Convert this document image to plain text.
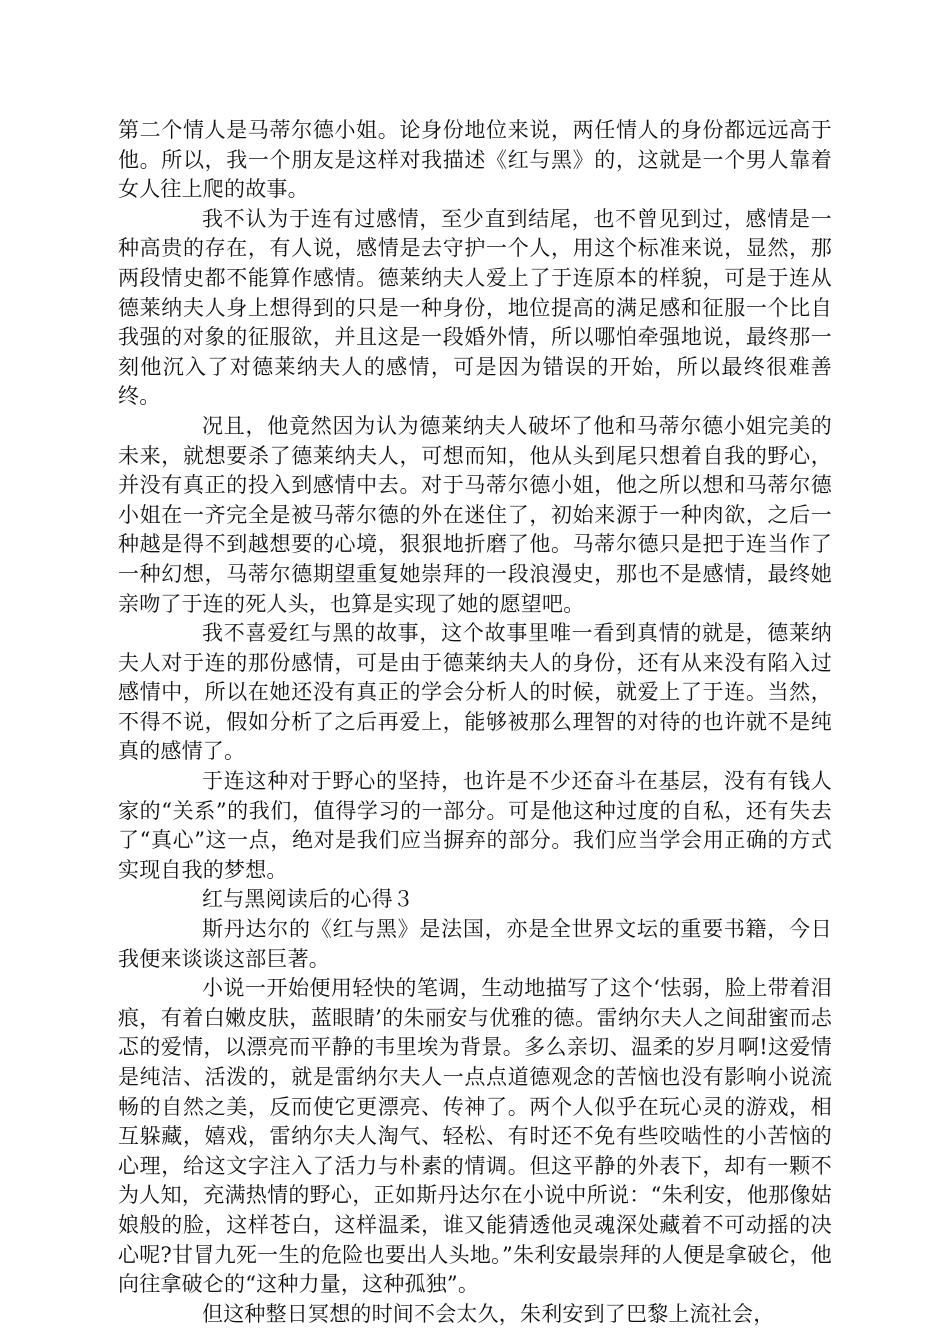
第二个情人是马蒂尔德小姐。论身份地位来说，两任情人的身份都远远高于他。所以，我一个朋友是这样对我描述《红与黑》的，这就是一个男人靠着女人往上爬的故事。

我不认为于连有过感情，至少直到结尾，也不曾见到过，感情是一种高贵的存在，有人说，感情是去守护一个人，用这个标准来说，显然，那两段情史都不能算作感情。德莱纳夫人爱上了于连原本的样貌，可是于连从德莱纳夫人身上想得到的只是一种身份，地位提高的满足感和征服一个比自我强的对象的征服欲，并且这是一段婚外情，所以哪怕牵强地说，最终那一刻他沉入了对德莱纳夫人的感情，可是因为错误的开始，所以最终很难善终。

况且，他竟然因为认为德莱纳夫人破坏了他和马蒂尔德小姐完美的未来，就想要杀了德莱纳夫人，可想而知，他从头到尾只想着自我的野心，并没有真正的投入到感情中去。对于马蒂尔德小姐，他之所以想和马蒂尔德小姐在一齐完全是被马蒂尔德的外在迷住了，初始来源于一种肉欲，之后一种越是得不到越想要的心境，狠狠地折磨了他。马蒂尔德只是把于连当作了一种幻想，马蒂尔德期望重复她崇拜的一段浪漫史，那也不是感情，最终她亲吻了于连的死人头，也算是实现了她的愿望吧。

我不喜爱红与黑的故事，这个故事里唯一看到真情的就是，德莱纳夫人对于连的那份感情，可是由于德莱纳夫人的身份，还有从来没有陷入过感情中，所以在她还没有真正的学会分析人的时候，就爱上了于连。当然，不得不说，假如分析了之后再爱上，能够被那么理智的对待的也许就不是纯真的感情了。

于连这种对于野心的坚持，也许是不少还奋斗在基层，没有有钱人家的“关系”的我们，值得学习的一部分。可是他这种过度的自私，还有失去了“真心”这一点，绝对是我们应当摒弃的部分。我们应当学会用正确的方式实现自我的梦想。

红与黑阅读后的心得３

斯丹达尔的《红与黑》是法国，亦是全世界文坛的重要书籍，今日我便来谈谈这部巨著。

小说一开始便用轻快的笔调，生动地描写了这个‘怯弱，脸上带着泪痕，有着白嫩皮肤，蓝眼睛’的朱丽安与优雅的德。雷纳尔夫人之间甜蜜而忐忑的爱情，以漂亮而平静的韦里埃为背景。多么亲切、温柔的岁月啊!这爱情是纯洁、活泼的，就是雷纳尔夫人一点点道德观念的苦恼也没有影响小说流畅的自然之美，反而使它更漂亮、传神了。两个人似乎在玩心灵的游戏，相互躲藏，嬉戏，雷纳尔夫人淘气、轻松、有时还不免有些咬啮性的小苦恼的心理，给这文字注入了活力与朴素的情调。但这平静的外表下，却有一颗不为人知，充满热情的野心，正如斯丹达尔在小说中所说：“朱利安，他那像姑娘般的脸，这样苍白，这样温柔，谁又能猜透他灵魂深处藏着不可动摇的决心呢?甘冒九死一生的危险也要出人头地。”朱利安最崇拜的人便是拿破仑，他向往拿破仑的“这种力量，这种孤独”。

但这种整日冥想的时间不会太久，朱利安到了巴黎上流社会，
